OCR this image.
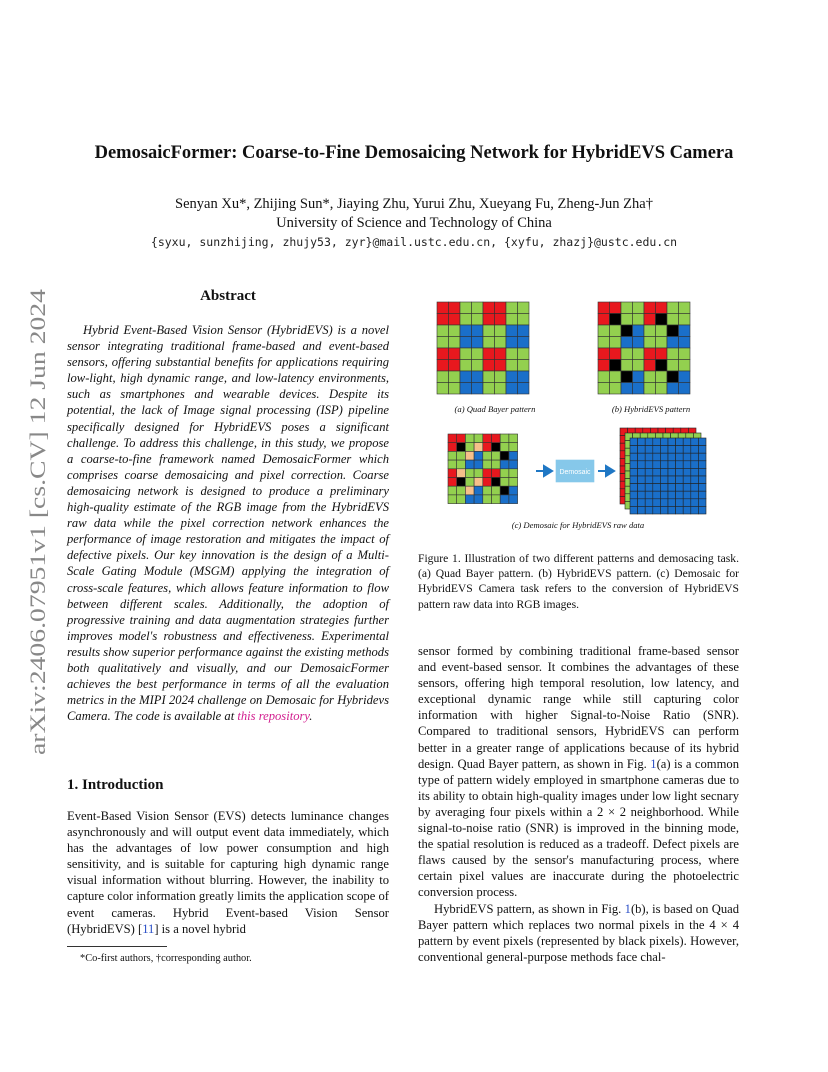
arXiv:2406.07951v1 [cs.CV] 12 Jun 2024
DemosaicFormer: Coarse-to-Fine Demosaicing Network for HybridEVS Camera
Senyan Xu*, Zhijing Sun*, Jiaying Zhu, Yurui Zhu, Xueyang Fu, Zheng-Jun Zha†
University of Science and Technology of China
{syxu, sunzhijing, zhujy53, zyr}@mail.ustc.edu.cn, {xyfu, zhazj}@ustc.edu.cn
Abstract

Hybrid Event-Based Vision Sensor (HybridEVS) is a novel sensor integrating traditional frame-based and event-based sensors, offering substantial benefits for applications requiring low-light, high dynamic range, and low-latency environments, such as smartphones and wearable devices. Despite its potential, the lack of Image signal processing (ISP) pipeline specifically designed for HybridEVS poses a significant challenge. To address this challenge, in this study, we propose a coarse-to-fine framework named DemosaicFormer which comprises coarse demosaicing and pixel correction. Coarse demosaicing network is designed to produce a preliminary high-quality estimate of the RGB image from the HybridEVS raw data while the pixel correction network enhances the performance of image restoration and mitigates the impact of defective pixels. Our key innovation is the design of a Multi-Scale Gating Module (MSGM) applying the integration of cross-scale features, which allows feature information to flow between different scales. Additionally, the adoption of progressive training and data augmentation strategies further improves model's robustness and effectiveness. Experimental results show superior performance against the existing methods both qualitatively and visually, and our DemosaicFormer achieves the best performance in terms of all the evaluation metrics in the MIPI 2024 challenge on Demosaic for Hybridevs Camera. The code is available at this repository.

1. Introduction

Event-Based Vision Sensor (EVS) detects luminance changes asynchronously and will output event data immediately, which has the advantages of low power consumption and high sensitivity, and is suitable for capturing high dynamic range visual information without blurring. However, the inability to capture color information greatly limits the application scope of event cameras. Hybrid Event-based Vision Sensor (HybridEVS) [11] is a novel hybrid

*Co-first authors, †corresponding author.
Demosaic
(a) Quad Bayer pattern	(b) HybridEVS pattern
(c) Demosaic for HybridEVS raw data
Figure 1. Illustration of two different patterns and demosacing task. (a) Quad Bayer pattern. (b) HybridEVS pattern. (c) Demosaic for HybridEVS Camera task refers to the conversion of HybridEVS pattern raw data into RGB images.

sensor formed by combining traditional frame-based sensor and event-based sensor. It combines the advantages of these sensors, offering high temporal resolution, low latency, and exceptional dynamic range while still capturing color information with higher Signal-to-Noise Ratio (SNR). Compared to traditional sensors, HybridEVS can perform better in a greater range of applications because of its hybrid design. Quad Bayer pattern, as shown in Fig. 1(a) is a common type of pattern widely employed in smartphone cameras due to its ability to obtain high-quality images under low light secnary by averaging four pixels within a 2 × 2 neighborhood. While signal-to-noise ratio (SNR) is improved in the binning mode, the spatial resolution is reduced as a tradeoff. Defect pixels are flaws caused by the sensor's manufacturing process, where certain pixel values are inaccurate during the photoelectric conversion process.

HybridEVS pattern, as shown in Fig. 1(b), is based on Quad Bayer pattern which replaces two normal pixels in the 4 × 4 pattern by event pixels (represented by black pixels). However, conventional general-purpose methods face chal-
